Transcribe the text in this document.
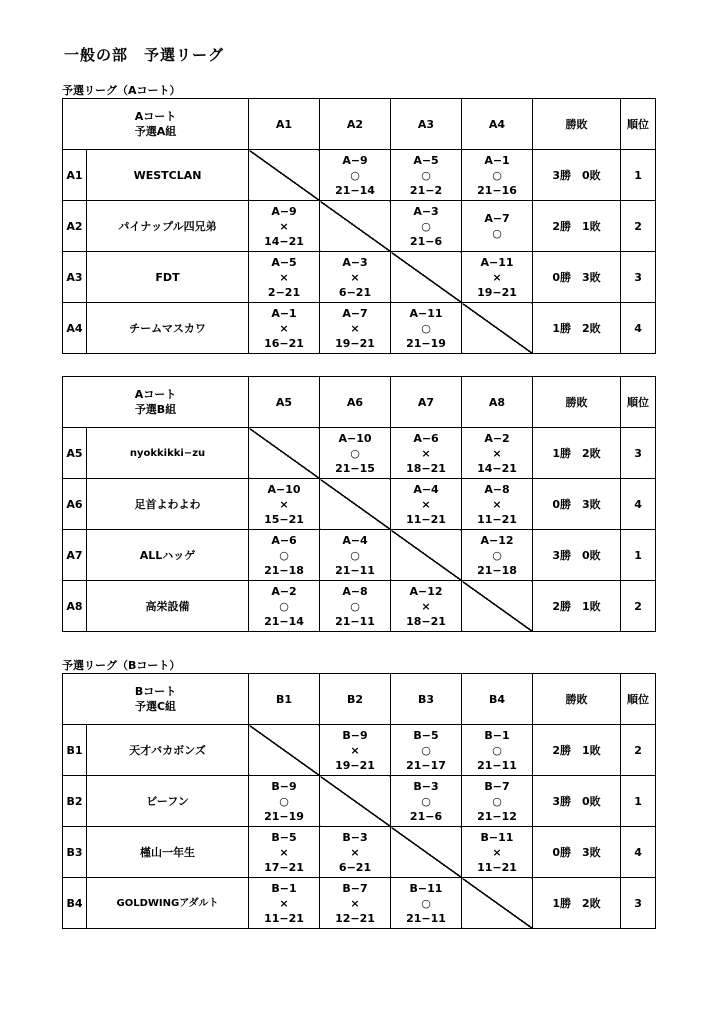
一般の部　予選リーグ
予選リーグ（Aコート）
Aコート
予選A組		A1	A2	A3	A4	勝敗	順位
A1	WESTCLAN		A−9
○
21−14	A−5
○
21−2	A−1
○
21−16	3勝　0敗	1
A2	パイナップル四兄弟	A−9
×
14−21		A−3
○
21−6	A−7
○	2勝　1敗	2
A3	FDT	A−5
×
2−21	A−3
×
6−21		A−11
×
19−21	0勝　3敗	3
A4	チームマスカワ	A−1
×
16−21	A−7
×
19−21	A−11
○
21−19		1勝　2敗	4
Aコート
予選B組		A5	A6	A7	A8	勝敗	順位
A5	nyokkikki−zu		A−10
○
21−15	A−6
×
18−21	A−2
×
14−21	1勝　2敗	3
A6	足首よわよわ	A−10
×
15−21		A−4
×
11−21	A−8
×
11−21	0勝　3敗	4
A7	ALLハッゲ	A−6
○
21−18	A−4
○
21−11		A−12
○
21−18	3勝　0敗	1
A8	高栄設備	A−2
○
21−14	A−8
○
21−11	A−12
×
18−21		2勝　1敗	2
予選リーグ（Bコート）
Bコート
予選C組		B1	B2	B3	B4	勝敗	順位
B1	天才バカボンズ		B−9
×
19−21	B−5
○
21−17	B−1
○
21−11	2勝　1敗	2
B2	ビーフン	B−9
○
21−19		B−3
○
21−6	B−7
○
21−12	3勝　0敗	1
B3	槿山一年生	B−5
×
17−21	B−3
×
6−21		B−11
×
11−21	0勝　3敗	4
B4	GOLDWINGアダルト	B−1
×
11−21	B−7
×
12−21	B−11
○
21−11		1勝　2敗	3
